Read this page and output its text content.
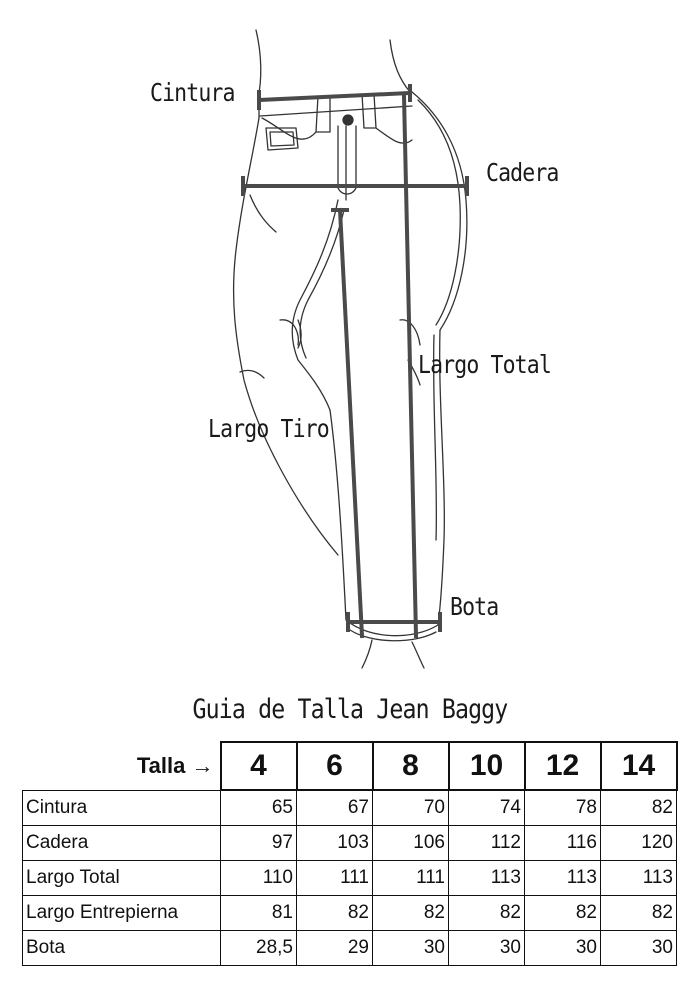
Cintura
Cadera
Largo Total
Largo Tiro
Bota
Guia de Talla Jean Baggy
Talla →	4	6	8	10	12	14
Cintura	65	67	70	74	78	82
Cadera	97	103	106	112	116	120
Largo Total	110	111	111	113	113	113
Largo Entrepierna	81	82	82	82	82	82
Bota	28,5	29	30	30	30	30
